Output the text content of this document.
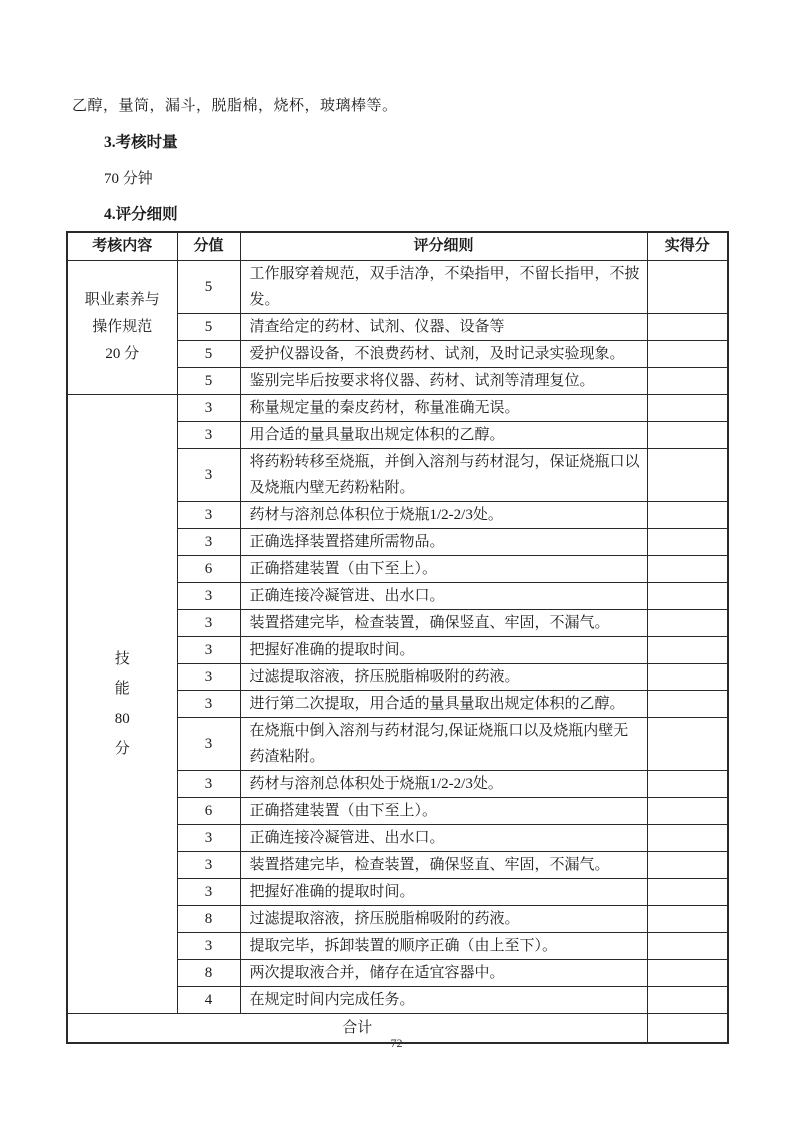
乙醇，量筒，漏斗，脱脂棉，烧杯，玻璃棒等。

3.考核时量

70 分钟

4.评分细则

考核内容	分值	评分细则	实得分

职业素养与
操作规范
20 分	5	工作服穿着规范，双手洁净，不染指甲，不留长指甲，不披发。	
	5	清查给定的药材、试剂、仪器、设备等	
	5	爱护仪器设备，不浪费药材、试剂，及时记录实验现象。	
	5	鉴别完毕后按要求将仪器、药材、试剂等清理复位。	

技
能
80
分	3	称量规定量的秦皮药材，称量准确无误。	
	3	用合适的量具量取出规定体积的乙醇。	
	3	将药粉转移至烧瓶，并倒入溶剂与药材混匀，保证烧瓶口以及烧瓶内壁无药粉粘附。	
	3	药材与溶剂总体积位于烧瓶1/2-2/3处。	
	3	正确选择装置搭建所需物品。	
	6	正确搭建装置（由下至上）。	
	3	正确连接冷凝管进、出水口。	
	3	装置搭建完毕，检查装置，确保竖直、牢固，不漏气。	
	3	把握好准确的提取时间。	
	3	过滤提取溶液，挤压脱脂棉吸附的药液。	
	3	进行第二次提取，用合适的量具量取出规定体积的乙醇。	
	3	在烧瓶中倒入溶剂与药材混匀,保证烧瓶口以及烧瓶内壁无药渣粘附。	
	3	药材与溶剂总体积处于烧瓶1/2-2/3处。	
	6	正确搭建装置（由下至上）。	
	3	正确连接冷凝管进、出水口。	
	3	装置搭建完毕，检查装置，确保竖直、牢固，不漏气。	
	3	把握好准确的提取时间。	
	8	过滤提取溶液，挤压脱脂棉吸附的药液。	
	3	提取完毕，拆卸装置的顺序正确（由上至下）。	
	8	两次提取液合并，储存在适宜容器中。	
	4	在规定时间内完成任务。	
合计			
72
